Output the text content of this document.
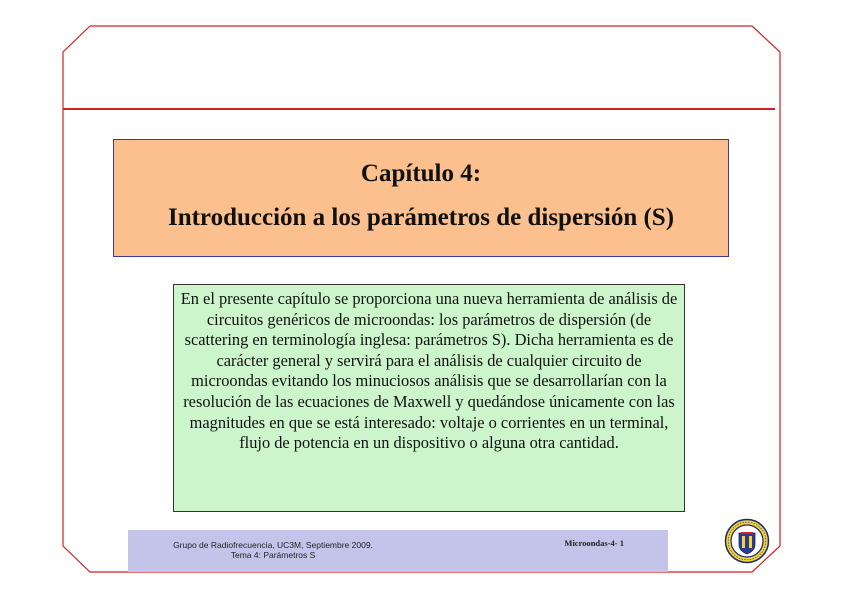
Capítulo 4:
Introducción a los parámetros de dispersión (S)

En el presente capítulo se proporciona una nueva herramienta de análisis de circuitos genéricos de microondas: los parámetros de dispersión (de scattering en terminología inglesa: parámetros S). Dicha herramienta es de carácter general y servirá para el análisis de cualquier circuito de microondas evitando los minuciosos análisis que se desarrollarían con la resolución de las ecuaciones de Maxwell y quedándose únicamente con las magnitudes en que se está interesado: voltaje o corrientes en un terminal, flujo de potencia en un dispositivo o alguna otra cantidad.

Grupo de Radiofrecuencia, UC3M, Septiembre 2009.
Tema 4: Parámetros S
Microondas-4- 1
